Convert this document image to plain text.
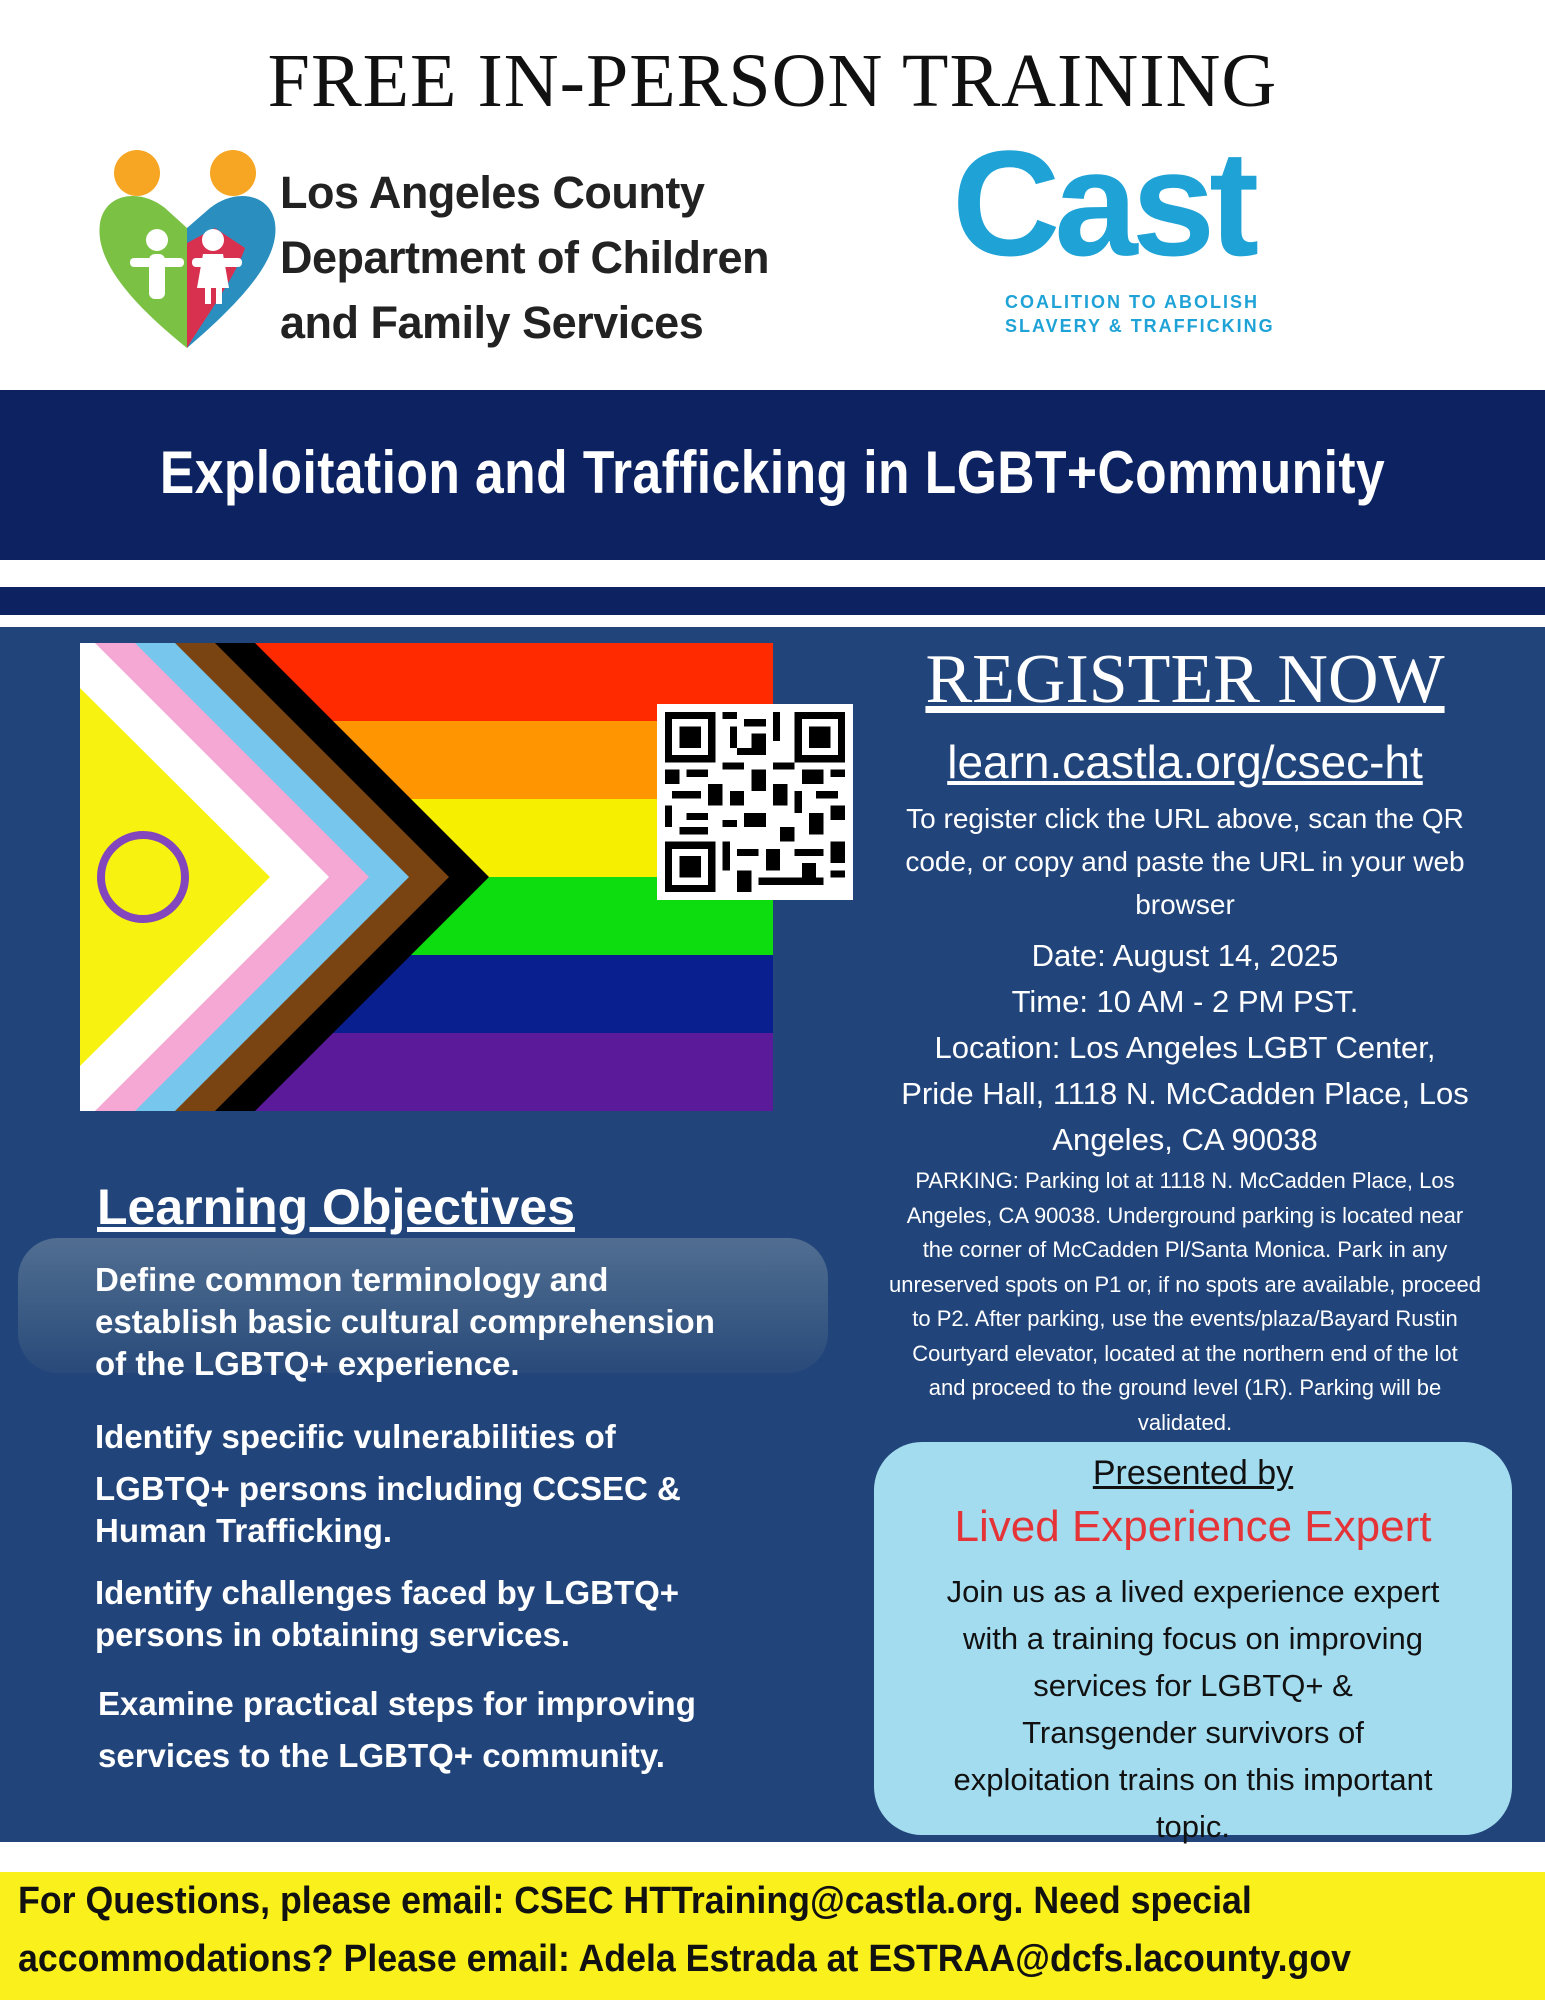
FREE IN-PERSON TRAINING
Los Angeles County
Department of Children
and Family Services
Cast
COALITION TO ABOLISH
SLAVERY & TRAFFICKING
Exploitation and Trafficking in LGBT+Community
Learning Objectives
Define common terminology and
establish basic cultural comprehension
of the LGBTQ+ experience.
Identify specific vulnerabilities of
LGBTQ+ persons including CCSEC &
Human Trafficking.
Identify challenges faced by LGBTQ+
persons in obtaining services.
Examine practical steps for improving
services to the LGBTQ+ community.
REGISTER NOW
learn.castla.org/csec-ht
To register click the URL above, scan the QR
code, or copy and paste the URL in your web
browser
Date: August 14, 2025
Time: 10 AM - 2 PM PST.
Location: Los Angeles LGBT Center,
Pride Hall, 1118 N. McCadden Place, Los
Angeles, CA 90038
PARKING: Parking lot at 1118 N. McCadden Place, Los
Angeles, CA 90038. Underground parking is located near
the corner of McCadden Pl/Santa Monica. Park in any
unreserved spots on P1 or, if no spots are available, proceed
to P2. After parking, use the events/plaza/Bayard Rustin
Courtyard elevator, located at the northern end of the lot
and proceed to the ground level (1R). Parking will be
validated.
Presented by
Lived Experience Expert
Join us as a lived experience expert
with a training focus on improving
services for LGBTQ+ &
Transgender survivors of
exploitation trains on this important
topic.
For Questions, please email: CSEC HTTraining@castla.org. Need special
accommodations? Please email: Adela Estrada at ESTRAA@dcfs.lacounty.gov
